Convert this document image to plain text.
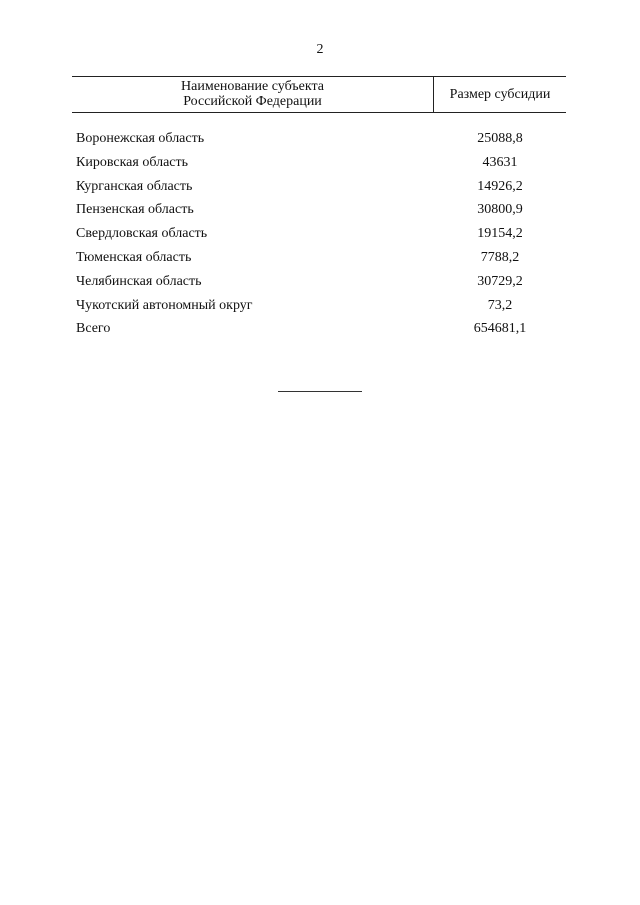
2
Наименование субъекта
Российской Федерации	Размер субсидии
Воронежская область	25088,8
Кировская область	43631
Курганская область	14926,2
Пензенская область	30800,9
Свердловская область	19154,2
Тюменская область	7788,2
Челябинская область	30729,2
Чукотский автономный округ	73,2
Всего	654681,1
